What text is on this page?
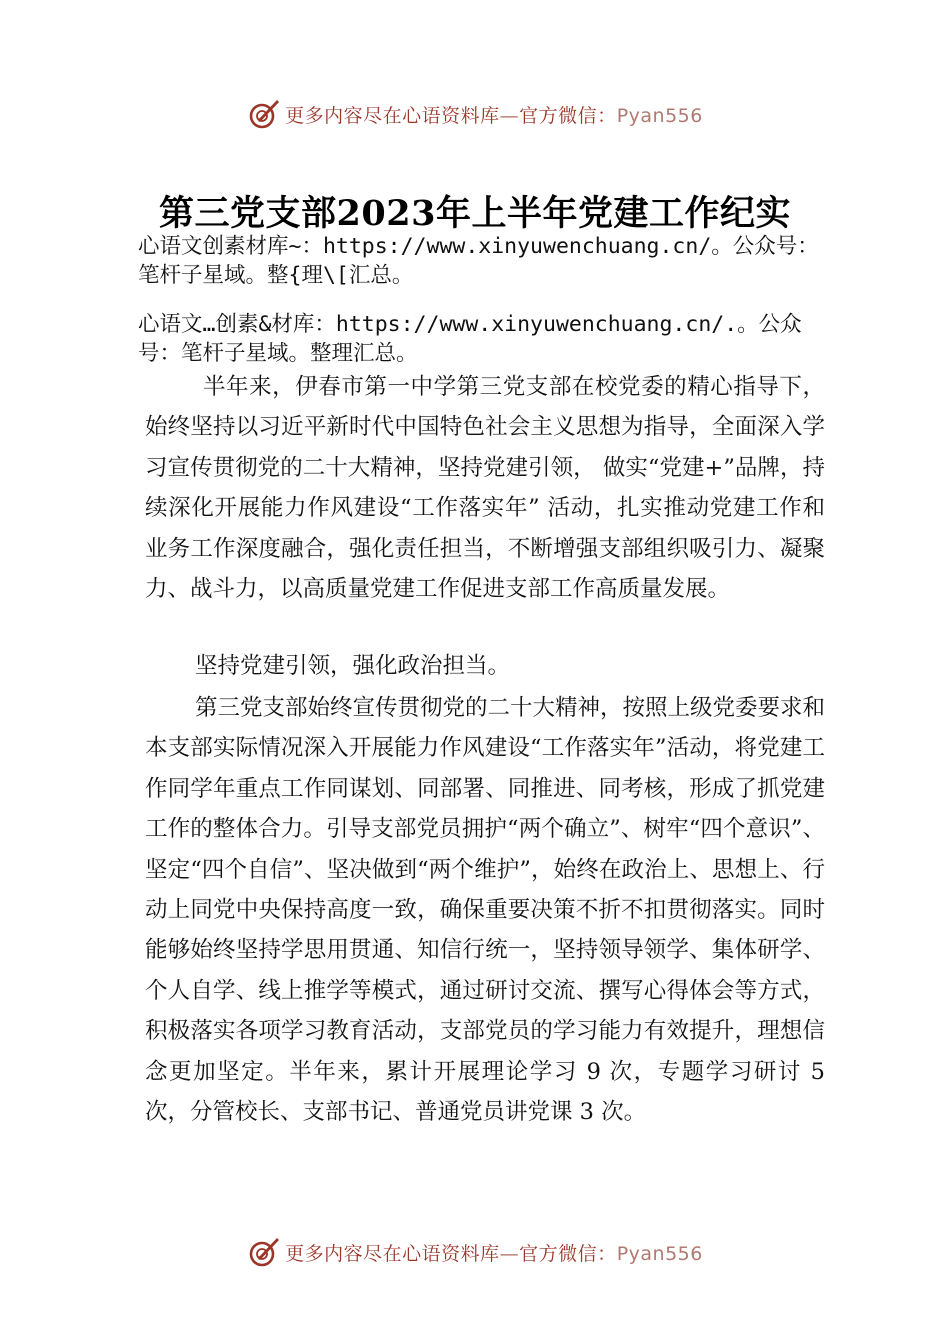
更多内容尽在心语资料库—官方微信：Pyan556
第三党支部2023年上半年党建工作纪实
心语文创素材库~：https://www.xinyuwenchuang.cn/。公众号：笔杆子星域。整{理\[汇总。
心语文…创素&材库：https://www.xinyuwenchuang.cn/.。公众号：笔杆子星域。整理汇总。
半年来，伊春市第一中学第三党支部在校党委的精心指导下，始终坚持以习近平新时代中国特色社会主义思想为指导，全面深入学习宣传贯彻党的二十大精神，坚持党建引领， 做实“党建+”品牌，持续深化开展能力作风建设“工作落实年” 活动，扎实推动党建工作和业务工作深度融合，强化责任担当，不断增强支部组织吸引力、凝聚力、战斗力，以高质量党建工作促进支部工作高质量发展。
坚持党建引领，强化政治担当。
第三党支部始终宣传贯彻党的二十大精神，按照上级党委要求和本支部实际情况深入开展能力作风建设“工作落实年”活动，将党建工作同学年重点工作同谋划、同部署、同推进、同考核，形成了抓党建工作的整体合力。引导支部党员拥护“两个确立”、树牢“四个意识”、坚定“四个自信”、坚决做到“两个维护”，始终在政治上、思想上、行动上同党中央保持高度一致，确保重要决策不折不扣贯彻落实。同时能够始终坚持学思用贯通、知信行统一，坚持领导领学、集体研学、个人自学、线上推学等模式，通过研讨交流、撰写心得体会等方式，积极落实各项学习教育活动，支部党员的学习能力有效提升，理想信念更加坚定。半年来，累计开展理论学习 9 次，专题学习研讨 5 次，分管校长、支部书记、普通党员讲党课 3 次。
更多内容尽在心语资料库—官方微信：Pyan556
